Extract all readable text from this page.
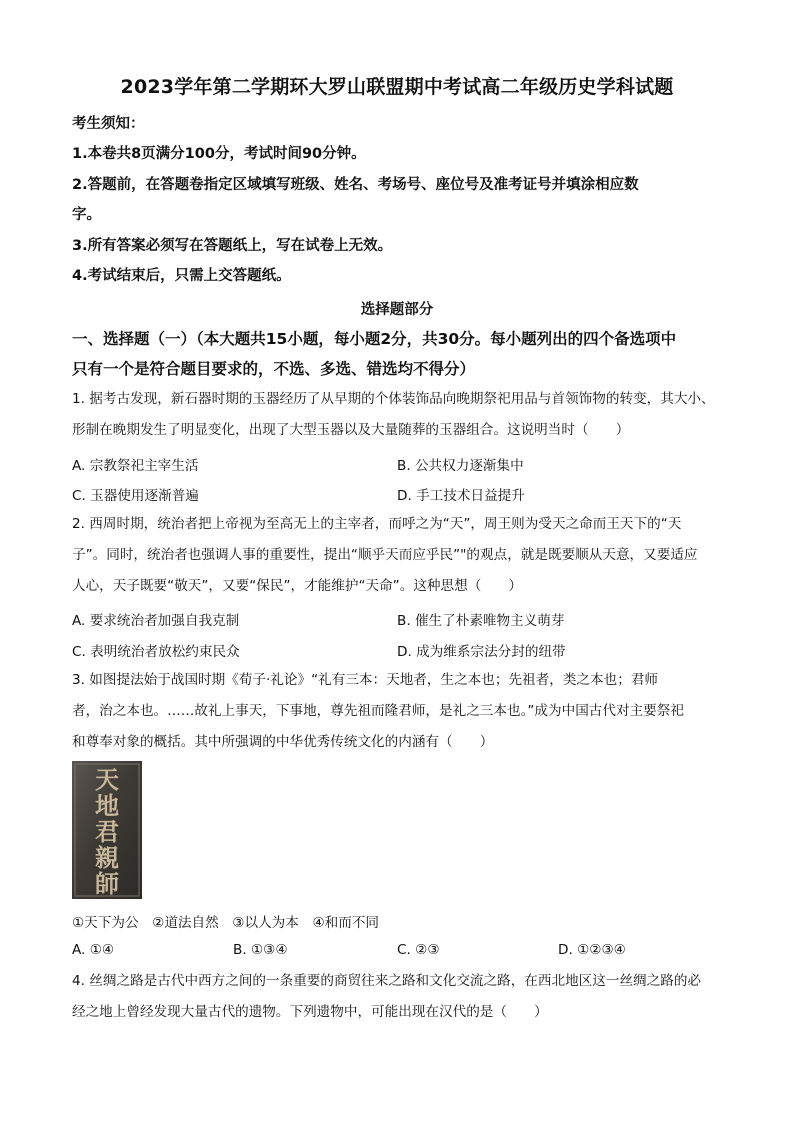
2023学年第二学期环大罗山联盟期中考试高二年级历史学科试题
考生须知：
1.本卷共8页满分100分，考试时间90分钟。
2.答题前，在答题卷指定区域填写班级、姓名、考场号、座位号及准考证号并填涂相应数
字。
3.所有答案必须写在答题纸上，写在试卷上无效。
4.考试结束后，只需上交答题纸。
选择题部分
一、选择题（一）（本大题共15小题，每小题2分，共30分。每小题列出的四个备选项中
只有一个是符合题目要求的，不选、多选、错选均不得分）
1. 据考古发现，新石器时期的玉器经历了从早期的个体装饰品向晚期祭祀用品与首领饰物的转变，其大小、
形制在晚期发生了明显变化，出现了大型玉器以及大量随葬的玉器组合。这说明当时（　　）
A. 宗教祭祀主宰生活	B. 公共权力逐渐集中
C. 玉器使用逐渐普遍	D. 手工技术日益提升
2. 西周时期，统治者把上帝视为至高无上的主宰者，而呼之为“天”，周王则为受天之命而王天下的“天
子”。同时，统治者也强调人事的重要性，提出“顺乎天而应乎民”"的观点，就是既要顺从天意，又要适应
人心，天子既要“敬天”，又要“保民”，才能维护“天命”。这种思想（　　）
A. 要求统治者加强自我克制	B. 催生了朴素唯物主义萌芽
C. 表明统治者放松约束民众	D. 成为维系宗法分封的纽带
3. 如图提法始于战国时期《荀子·礼论》“礼有三本：天地者，生之本也；先祖者，类之本也；君师
者，治之本也。……故礼上事天，下事地，尊先祖而隆君师，是礼之三本也。”成为中国古代对主要祭祀
和尊奉对象的概括。其中所强调的中华优秀传统文化的内涵有（　　）
天
地
君
親
師
①天下为公　②道法自然　③以人为本　④和而不同
A. ①④	B. ①③④	C. ②③	D. ①②③④
4. 丝绸之路是古代中西方之间的一条重要的商贸往来之路和文化交流之路，在西北地区这一丝绸之路的必
经之地上曾经发现大量古代的遗物。下列遗物中，可能出现在汉代的是（　　）
